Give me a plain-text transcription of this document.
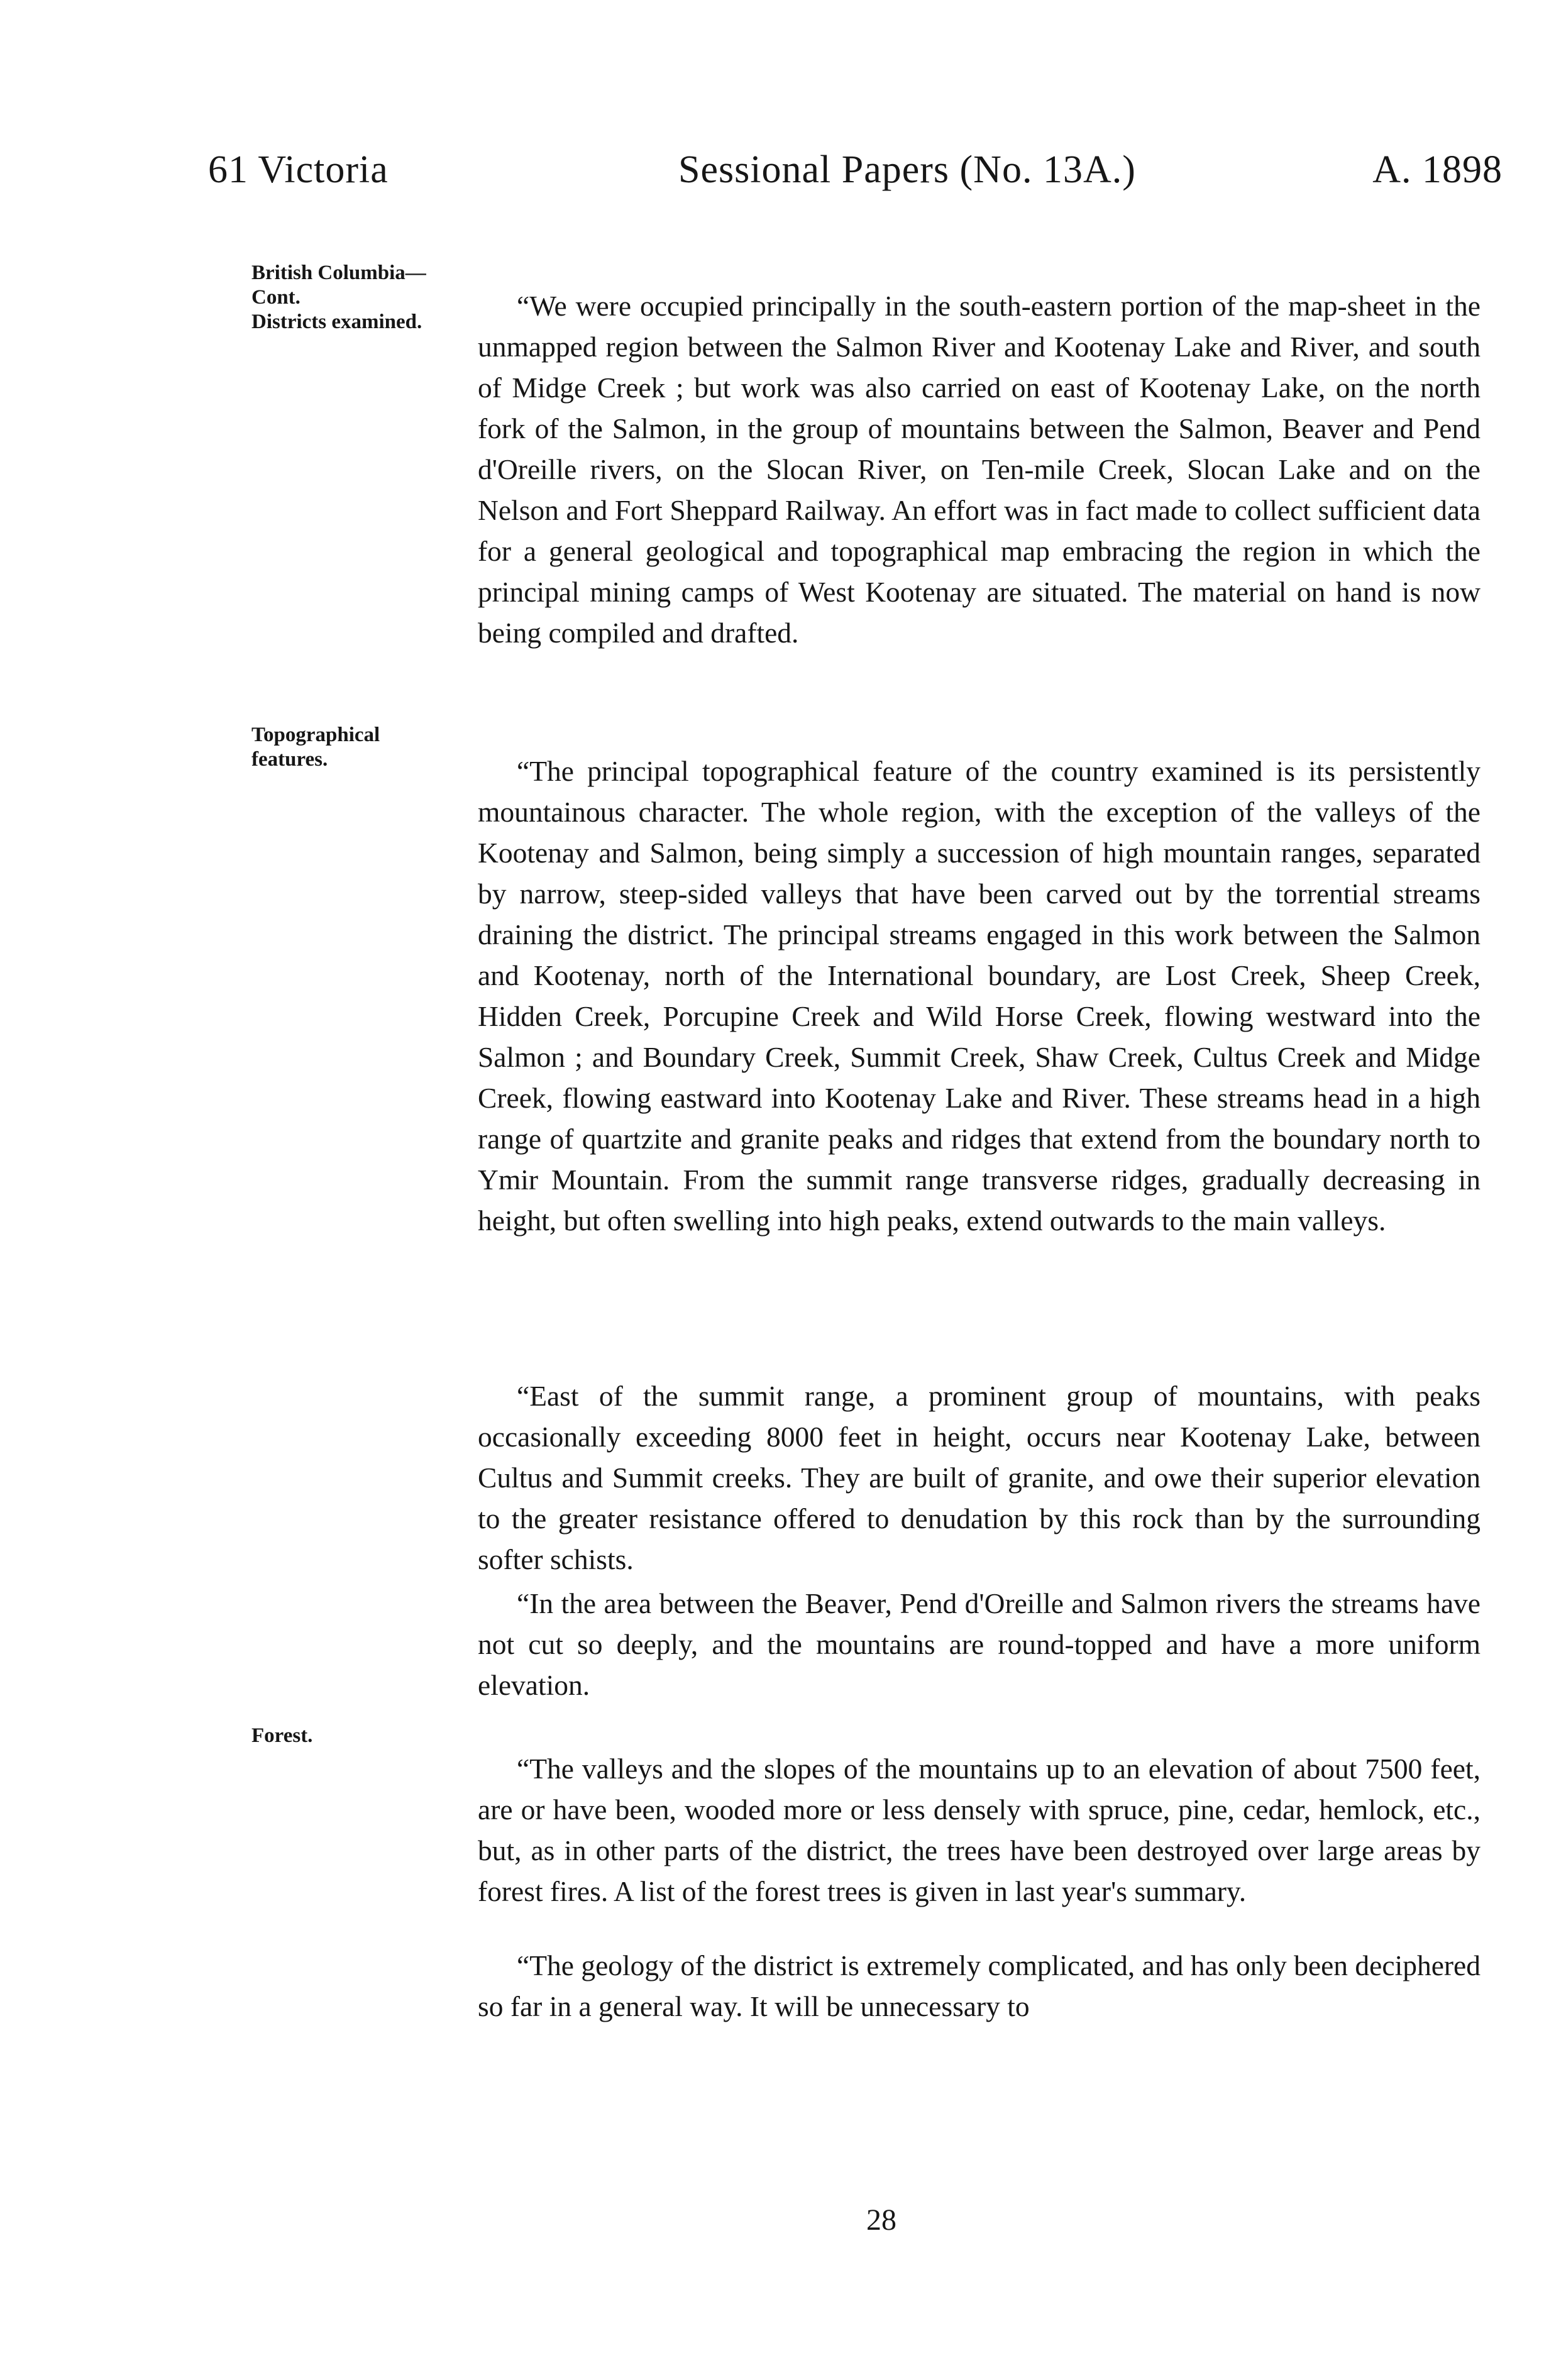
61 Victoria	Sessional Papers (No. 13A.)	A. 1898
British Columbia—Cont.
Districts examined.
Topographical features.
Forest.

“We were occupied principally in the south-eastern portion of the map-sheet in the unmapped region between the Salmon River and Kootenay Lake and River, and south of Midge Creek ; but work was also carried on east of Kootenay Lake, on the north fork of the Salmon, in the group of mountains between the Salmon, Beaver and Pend d'Oreille rivers, on the Slocan River, on Ten-mile Creek, Slocan Lake and on the Nelson and Fort Sheppard Railway. An effort was in fact made to collect sufficient data for a general geological and topographical map embracing the region in which the principal mining camps of West Kootenay are situated. The material on hand is now being compiled and drafted.

“The principal topographical feature of the country examined is its persistently mountainous character. The whole region, with the exception of the valleys of the Kootenay and Salmon, being simply a succession of high mountain ranges, separated by narrow, steep-sided valleys that have been carved out by the torrential streams draining the district. The principal streams engaged in this work between the Salmon and Kootenay, north of the International boundary, are Lost Creek, Sheep Creek, Hidden Creek, Porcupine Creek and Wild Horse Creek, flowing westward into the Salmon ; and Boundary Creek, Summit Creek, Shaw Creek, Cultus Creek and Midge Creek, flowing eastward into Kootenay Lake and River. These streams head in a high range of quartzite and granite peaks and ridges that extend from the boundary north to Ymir Mountain. From the summit range transverse ridges, gradually decreasing in height, but often swelling into high peaks, extend outwards to the main valleys.

“East of the summit range, a prominent group of mountains, with peaks occasionally exceeding 8000 feet in height, occurs near Kootenay Lake, between Cultus and Summit creeks. They are built of granite, and owe their superior elevation to the greater resistance offered to denudation by this rock than by the surrounding softer schists.

“In the area between the Beaver, Pend d'Oreille and Salmon rivers the streams have not cut so deeply, and the mountains are round-topped and have a more uniform elevation.

“The valleys and the slopes of the mountains up to an elevation of about 7500 feet, are or have been, wooded more or less densely with spruce, pine, cedar, hemlock, etc., but, as in other parts of the district, the trees have been destroyed over large areas by forest fires. A list of the forest trees is given in last year's summary.

“The geology of the district is extremely complicated, and has only been deciphered so far in a general way. It will be unnecessary to

28
